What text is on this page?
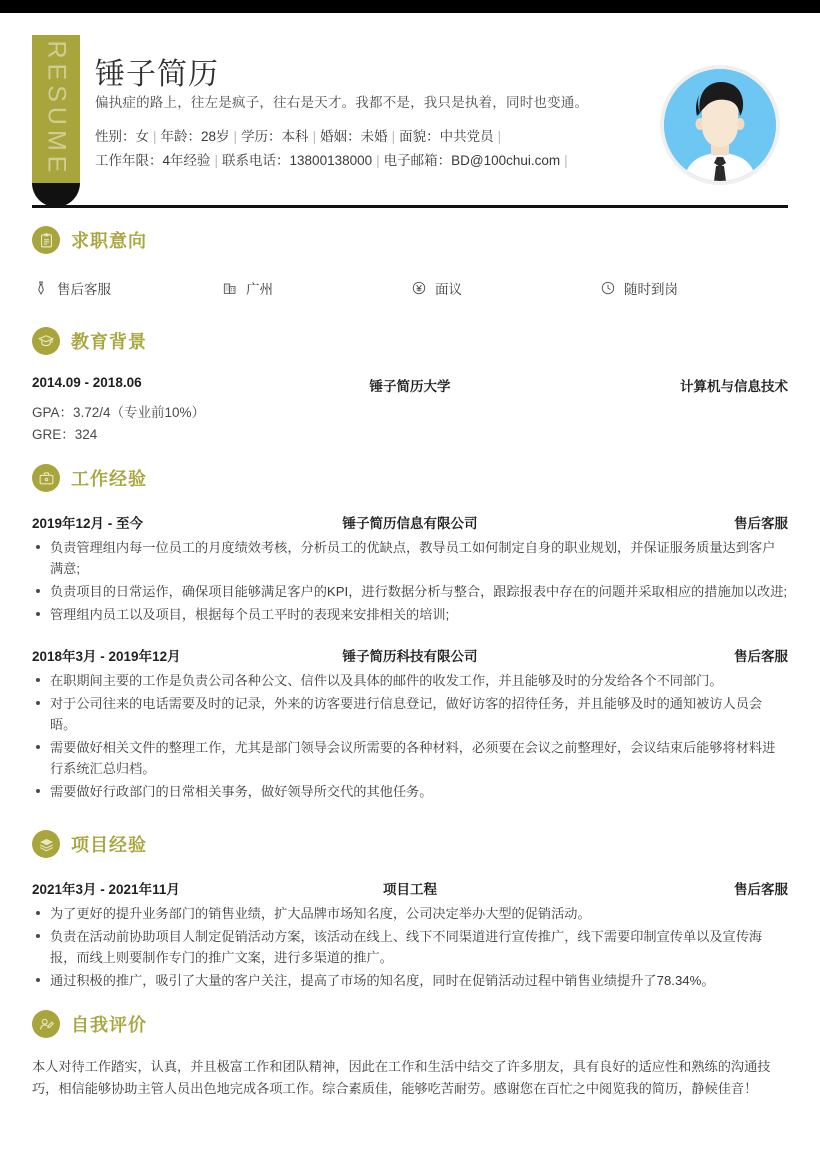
RESUME 锤子简历
偏执症的路上，往左是疯子，往右是天才。我都不是，我只是执着，同时也变通。
性别：女 | 年龄：28岁 | 学历：本科 | 婚姻：未婚 | 面貌：中共党员 |
工作年限：4年经验 | 联系电话：13800138000 | 电子邮箱：BD@100chui.com |
求职意向
售后客服	广州	面议	随时到岗
教育背景
2014.09 - 2018.06	锤子简历大学	计算机与信息技术
GPA：3.72/4（专业前10%）
GRE：324
工作经验
2019年12月 - 至今	锤子简历信息有限公司	售后客服
负责管理组内每一位员工的月度绩效考核，分析员工的优缺点，教导员工如何制定自身的职业规划，并保证服务质量达到客户满意;
负责项目的日常运作，确保项目能够满足客户的KPI，进行数据分析与整合，跟踪报表中存在的问题并采取相应的措施加以改进;
管理组内员工以及项目，根据每个员工平时的表现来安排相关的培训;
2018年3月 - 2019年12月	锤子简历科技有限公司	售后客服
在职期间主要的工作是负责公司各种公文、信件以及具体的邮件的收发工作，并且能够及时的分发给各个不同部门。
对于公司往来的电话需要及时的记录，外来的访客要进行信息登记，做好访客的招待任务，并且能够及时的通知被访人员会晤。
需要做好相关文件的整理工作，尤其是部门领导会议所需要的各种材料，必须要在会议之前整理好，会议结束后能够将材料进行系统汇总归档。
需要做好行政部门的日常相关事务，做好领导所交代的其他任务。
项目经验
2021年3月 - 2021年11月	项目工程	售后客服
为了更好的提升业务部门的销售业绩，扩大品牌市场知名度，公司决定举办大型的促销活动。
负责在活动前协助项目人制定促销活动方案，该活动在线上、线下不同渠道进行宣传推广，线下需要印制宣传单以及宣传海报，而线上则要制作专门的推广文案，进行多渠道的推广。
通过积极的推广，吸引了大量的客户关注，提高了市场的知名度，同时在促销活动过程中销售业绩提升了78.34%。
自我评价
本人对待工作踏实，认真，并且极富工作和团队精神，因此在工作和生活中结交了许多朋友，具有良好的适应性和熟练的沟通技巧，相信能够协助主管人员出色地完成各项工作。综合素质佳，能够吃苦耐劳。感谢您在百忙之中阅览我的简历，静候佳音！
